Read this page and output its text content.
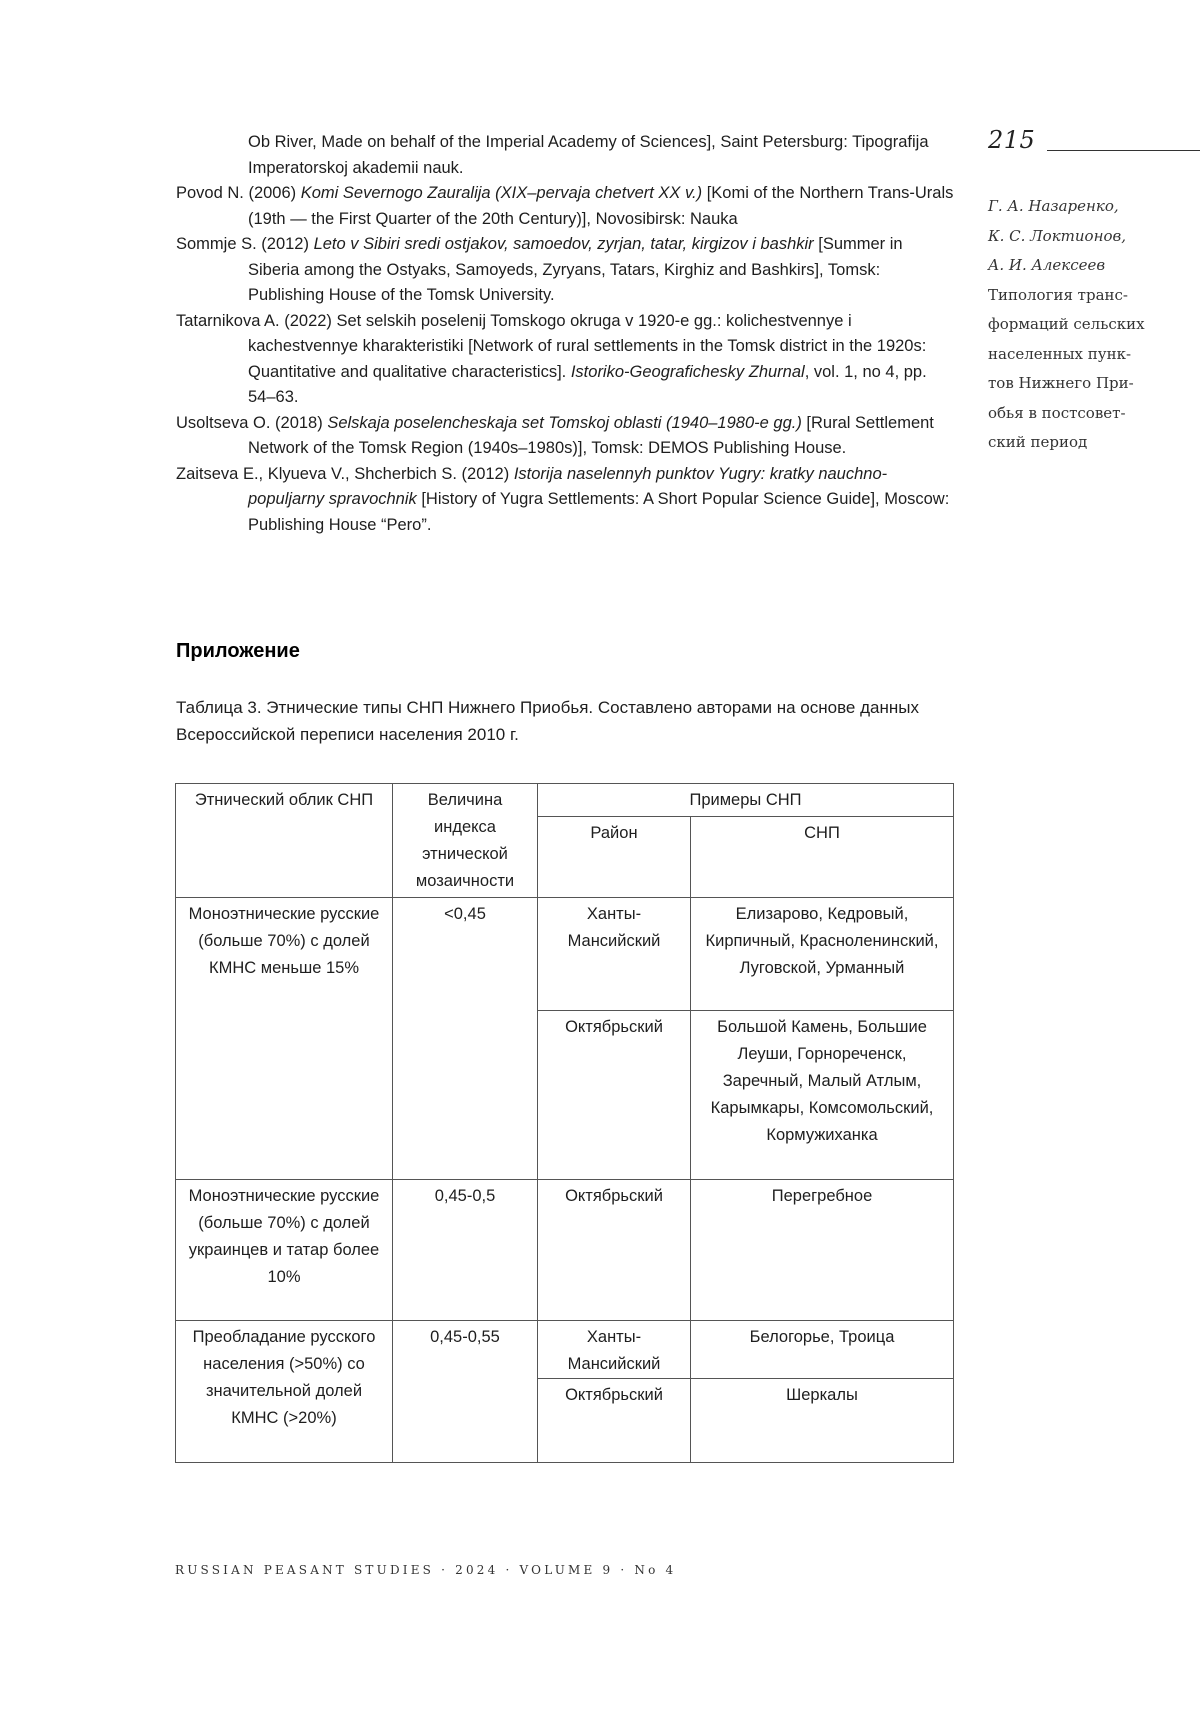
Ob River, Made on behalf of the Imperial Academy of Sciences], Saint Petersburg: Tipografija Imperatorskoj akademii nauk.

Povod N. (2006) Komi Severnogo Zauralija (XIX–pervaja chetvert XX v.) [Komi of the Northern Trans-Urals (19th — the First Quarter of the 20th Century)], Novosibirsk: Nauka

Sommje S. (2012) Leto v Sibiri sredi ostjakov, samoedov, zyrjan, tatar, kirgizov i bashkir [Summer in Siberia among the Ostyaks, Samoyeds, Zyryans, Tatars, Kirghiz and Bashkirs], Tomsk: Publishing House of the Tomsk University.

Tatarnikova A. (2022) Set selskih poselenij Tomskogo okruga v 1920-e gg.: kolichestvennye i kachestvennye kharakteristiki [Network of rural settlements in the Tomsk district in the 1920s: Quantitative and qualitative characteristics]. Istoriko-Geograficheskу Zhurnal, vol. 1, no 4, pp. 54–63.

Usoltseva O. (2018) Selskaja poselencheskaja set Tomskoj oblasti (1940–1980-e gg.) [Rural Settlement Network of the Tomsk Region (1940s–1980s)], Tomsk: DEMOS Publishing House.

Zaitseva E., Klyueva V., Shcherbich S. (2012) Istorija naselennyh punktov Yugry: kratky nauchno-populjarny spravochnik [History of Yugra Settlements: A Short Popular Science Guide], Moscow: Publishing House “Pero”.

215
Г. А. Назаренко,
К. С. Локтионов,
А. И. Алексеев
Типология транс-
формаций сельских
населенных пунк-
тов Нижнего При-
обья в постсовет-
ский период
Приложение
Таблица 3. Этнические типы СНП Нижнего Приобья. Составлено авторами на основе данных Всероссийской переписи населения 2010 г.
Этнический облик СНП	Величина индекса этнической мозаичности	Примеры СНП	
		Район	СНП
Моноэтнические русские (больше 70%) с долей КМНС меньше 15%	<0,45	Ханты-Мансийский	Елизарово, Кедровый, Кирпичный, Красноленинский, Луговской, Урманный
		Октябрьский	Большой Камень, Большие Леуши, Горнореченск, Заречный, Малый Атлым, Карымкары, Комсомольский, Кормужиханка
Моноэтнические русские (больше 70%) с долей украинцев и татар более 10%	0,45-0,5	Октябрьский	Перегребное
Преобладание русского населения (>50%) со значительной долей КМНС (>20%)	0,45-0,55	Ханты-Мансийский	Белогорье, Троица
		Октябрьский	Шеркалы
RUSSIAN PEASANT STUDIES · 2024 · VOLUME 9 · No 4
